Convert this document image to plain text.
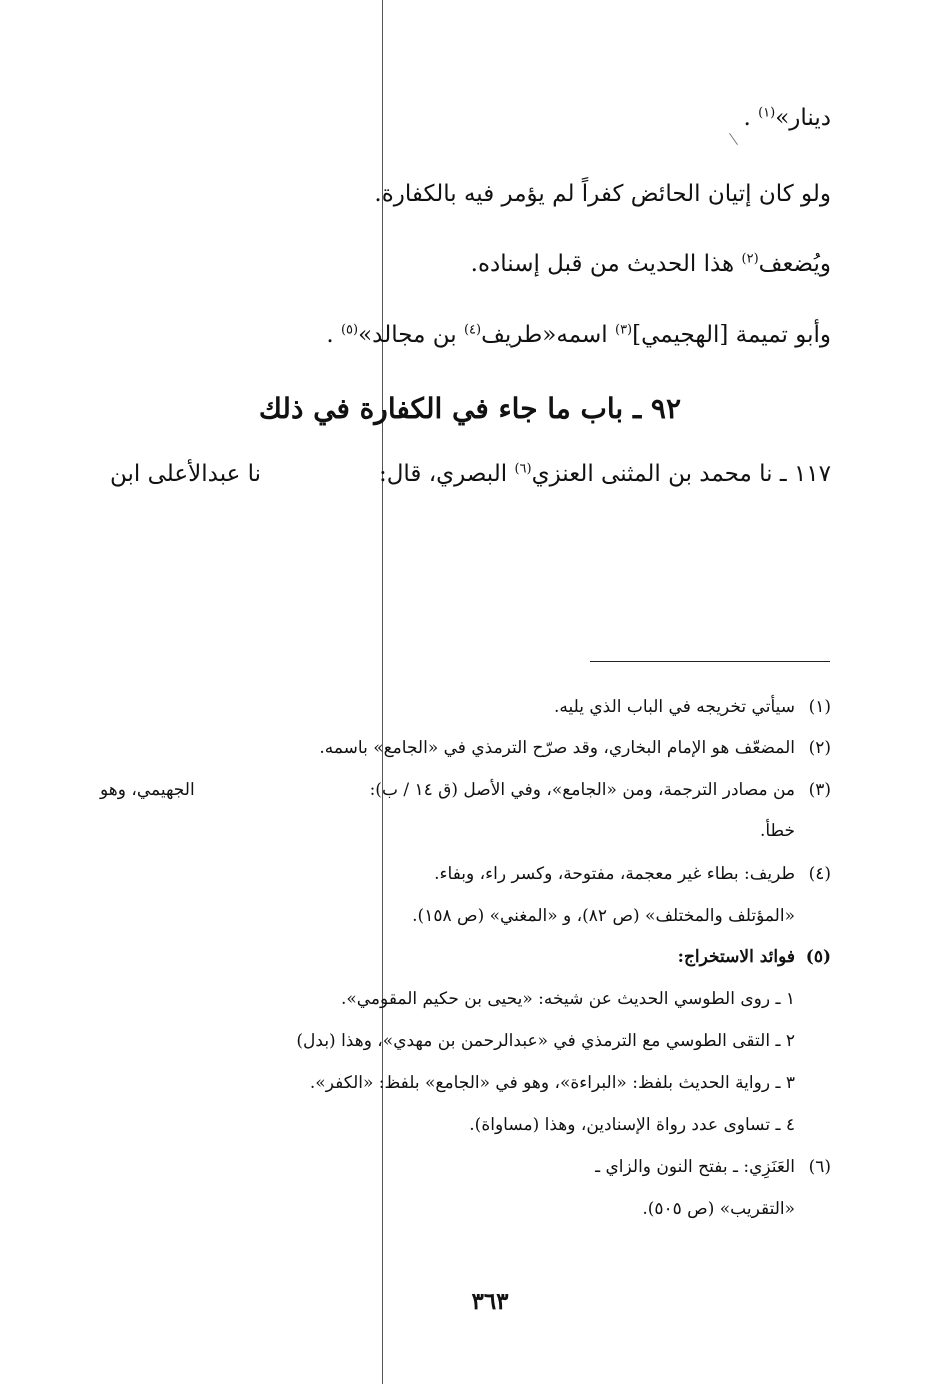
دينار»$^{(١)}$ .

ولو كان إتيان الحائض كفراً لم يؤمر فيه بالكفارة.

ويُضعف$^{(٢)}$ هذا الحديث من قبل إسناده.

وأبو تميمة [الهجيمي]$^{(٣)}$ اسمه«طريف$^{(٤)}$ بن مجالد»$^{(٥)}$ .

٩٢ ـ باب ما جاء في الكفارة في ذلك

١١٧ ـ نا محمد بن المثنى العنزي$^{(٦)}$ البصري، قال:
نا عبدالأعلى ابن

(١)سيأتي تخريجه في الباب الذي يليه.

(٢)المضعّف هو الإمام البخاري، وقد صرّح الترمذي في «الجامع» باسمه.

(٣)من مصادر الترجمة، ومن «الجامع»، وفي الأصل (ق ١٤ / ب):
الجهيمي، وهو

خطأ.

(٤)طريف: بطاء غير معجمة، مفتوحة، وكسر راء، وبفاء.

«المؤتلف والمختلف» (ص ٨٢)، و «المغني» (ص ١٥٨).

(٥)فوائد الاستخراج:

١ ـ روى الطوسي الحديث عن شيخه: «يحيى بن حكيم المقومي».

٢ ـ التقى الطوسي مع الترمذي في «عبدالرحمن بن مهدي»، وهذا (بدل)

٣ ـ رواية الحديث بلفظ: «البراءة»، وهو في «الجامع» بلفظ: «الكفر».

٤ ـ تساوى عدد رواة الإسنادين، وهذا (مساواة).

(٦)العَنَزِي: ـ بفتح النون والزاي ـ

«التقريب» (ص ٥٠٥).

٣٦٣
